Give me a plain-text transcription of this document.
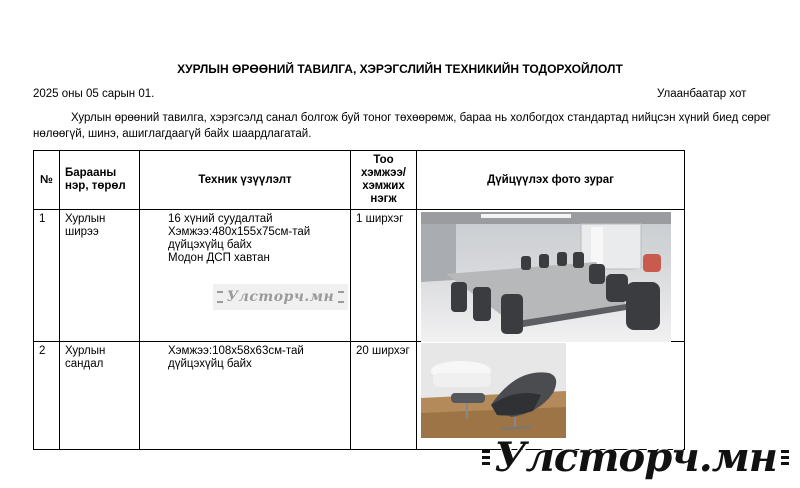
ХУРЛЫН ӨРӨӨНИЙ ТАВИЛГА, ХЭРЭГСЛИЙН ТЕХНИКИЙН ТОДОРХОЙЛОЛТ
2025 оны 05 сарын 01.	Улаанбаатар хот
Хурлын өрөөний тавилга, хэрэгсэлд санал болгож буй тоног төхөөрөмж, бараа нь холбогдох стандартад нийцсэн хүний биед сөрөг нөлөөгүй, шинэ, ашиглагдаагүй байх шаардлагатай.
№	Барааны нэр, төрөл	Техник үзүүлэлт	Тоо хэмжээ/ хэмжих нэгж	Дүйцүүлэх фото зураг
1	Хурлын ширээ	16 хүний суудалтай
Хэмжээ:480x155x75см-тай
дүйцэхүйц байх
Модон ДСП хавтан	1 ширхэг	

2	Хурлын сандал	Хэмжээ:108x58x63см-тай
дүйцэхүйц байх	20 ширхэг	
Улсторч.мн
Улсторч.мн
